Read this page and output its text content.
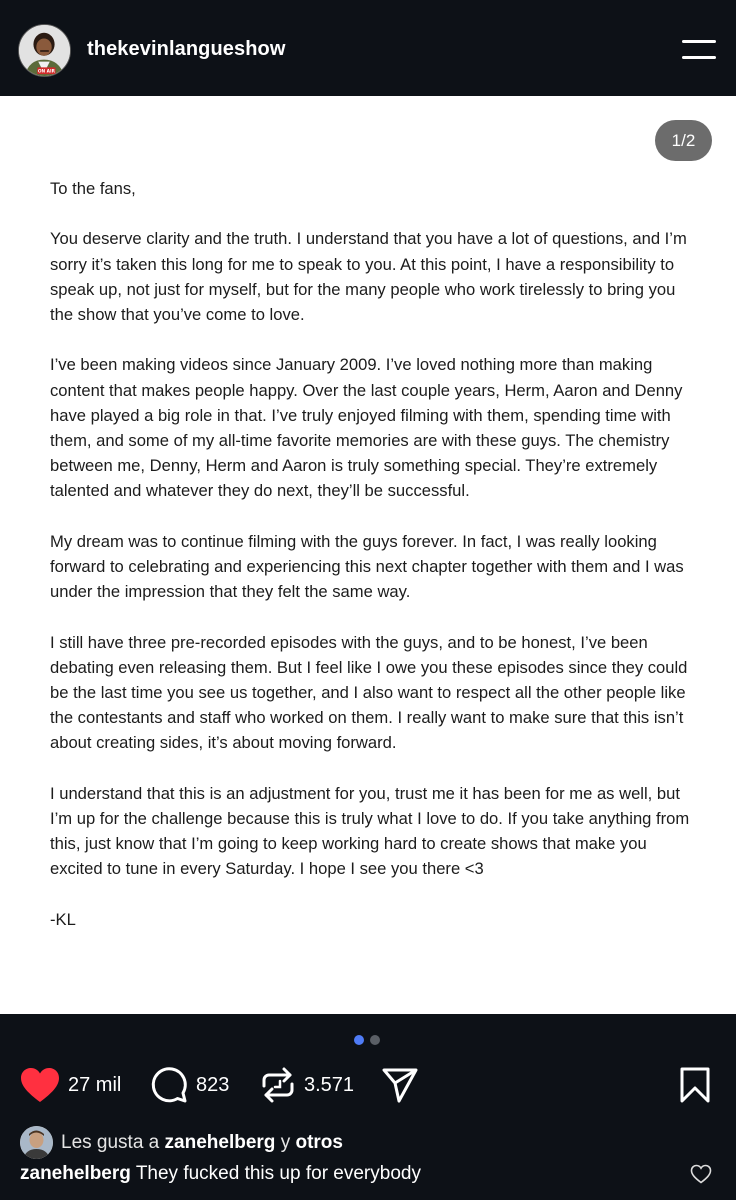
ON AIR
thekevinlangueshow
1/2

To the fans,

You deserve clarity and the truth. I understand that you have a lot of questions, and I’m sorry it’s taken this long for me to speak to you. At this point, I have a responsibility to speak up, not just for myself, but for the many people who work tirelessly to bring you the show that you’ve come to love.

I’ve been making videos since January 2009. I’ve loved nothing more than making content that makes people happy. Over the last couple years, Herm, Aaron and Denny have played a big role in that. I’ve truly enjoyed filming with them, spending time with them, and some of my all-time favorite memories are with these guys. The chemistry between me, Denny, Herm and Aaron is truly something special. They’re extremely talented and whatever they do next, they’ll be successful.

My dream was to continue filming with the guys forever. In fact, I was really looking forward to celebrating and experiencing this next chapter together with them and I was under the impression that they felt the same way.

I still have three pre-recorded episodes with the guys, and to be honest, I’ve been debating even releasing them. But I feel like I owe you these episodes since they could be the last time you see us together, and I also want to respect all the other people like the contestants and staff who worked on them. I really want to make sure that this isn’t about creating sides, it’s about moving forward.

I understand that this is an adjustment for you, trust me it has been for me as well, but I’m up for the challenge because this is truly what I love to do. If you take anything from this, just know that I’m going to keep working hard to create shows that make you excited to tune in every Saturday. I hope I see you there <3

-KL

27 mil	823	3.571
Les gusta a
zanehelberg
y
otros
zanehelberg They fucked this up for everybody
